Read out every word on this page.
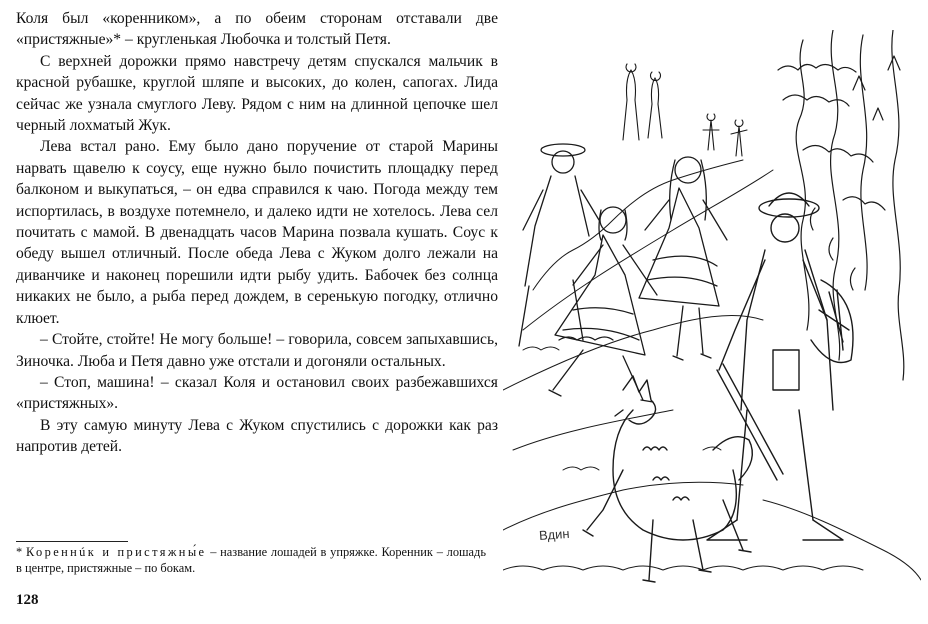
Коля был «коренником», а по обеим сторонам отставали две «пристяжные»* – кругленькая Любочка и толстый Петя.

С верхней дорожки прямо навстречу детям спускался мальчик в красной рубашке, круглой шляпе и высоких, до колен, сапогах. Лида сейчас же узнала смуглого Леву. Рядом с ним на длинной цепочке шел черный лохматый Жук.

Лева встал рано. Ему было дано поручение от старой Марины нарвать щавелю к соусу, еще нужно было почистить площадку перед балконом и выкупаться, – он едва справился к чаю. Погода между тем испортилась, в воздухе потемнело, и далеко идти не хотелось. Лева сел почитать с мамой. В двенадцать часов Марина позвала кушать. Соус к обеду вышел отличный. После обеда Лева с Жуком долго лежали на диванчике и наконец порешили идти рыбу удить. Бабочек без солнца никаких не было, а рыба перед дождем, в серенькую погодку, отлично клюет.

– Стойте, стойте! Не могу больше! – говорила, совсем запыхавшись, Зиночка. Люба и Петя давно уже отстали и догоняли остальных.

– Стоп, машина! – сказал Коля и остановил своих разбежавшихся «пристяжных».

В эту самую минуту Лева с Жуком спустились с дорожки как раз напротив детей.

* Кореннúк и пристяжны́е – название лошадей в упряжке. Коренник – лошадь в центре, пристяжные – по бокам.
128
Вдин
